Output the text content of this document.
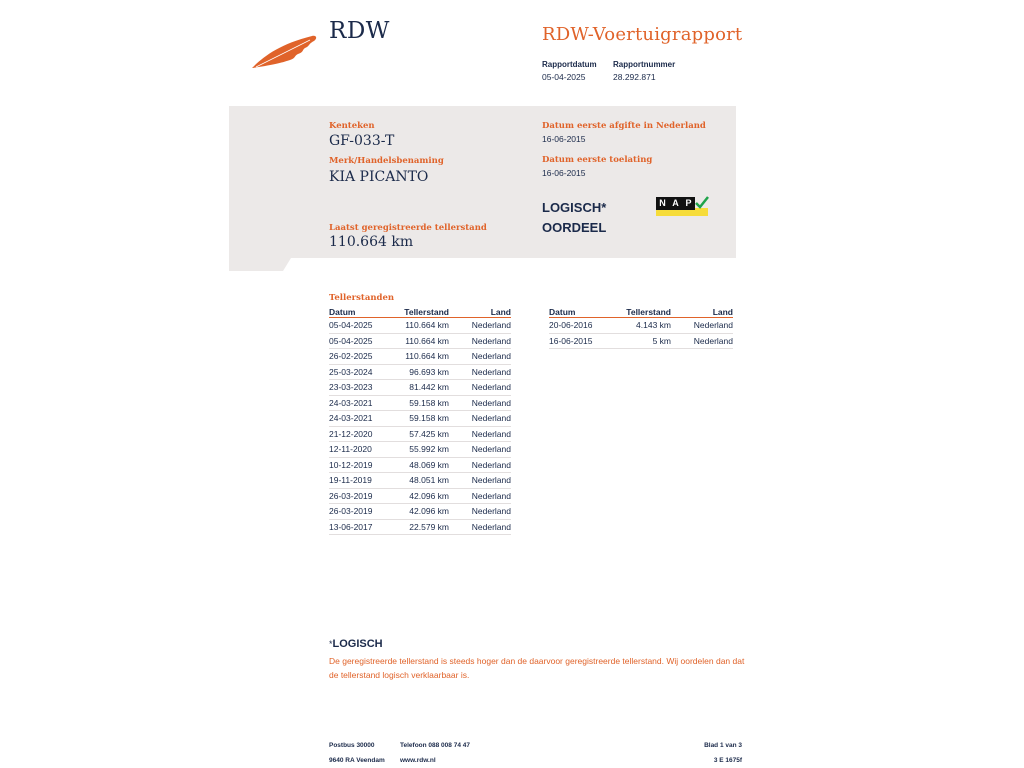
RDW	RDW-Voertuigrapport
Rapportdatum
05-04-2025
Rapportnummer
28.292.871
Kenteken
GF-033-T
Merk/Handelsbenaming
KIA PICANTO
Laatst geregistreerde tellerstand
110.664 km
Datum eerste afgifte in Nederland
16-06-2015
Datum eerste toelating
16-06-2015
LOGISCH*
OORDEEL
N A P
Tellerstanden
Datum	Tellerstand	Land
05-04-2025	110.664 km	Nederland
05-04-2025	110.664 km	Nederland
26-02-2025	110.664 km	Nederland
25-03-2024	96.693 km	Nederland
23-03-2023	81.442 km	Nederland
24-03-2021	59.158 km	Nederland
24-03-2021	59.158 km	Nederland
21-12-2020	57.425 km	Nederland
12-11-2020	55.992 km	Nederland
10-12-2019	48.069 km	Nederland
19-11-2019	48.051 km	Nederland
26-03-2019	42.096 km	Nederland
26-03-2019	42.096 km	Nederland
13-06-2017	22.579 km	Nederland
Datum	Tellerstand	Land
20-06-2016	4.143 km	Nederland
16-06-2015	5 km	Nederland
*LOGISCH
De geregistreerde tellerstand is steeds hoger dan de daarvoor geregistreerde tellerstand. Wij oordelen dan dat de tellerstand logisch verklaarbaar is.
Postbus 30000
9640 RA Veendam
Telefoon 088 008 74 47
www.rdw.nl
Blad 1 van 3
3 E 1675f
